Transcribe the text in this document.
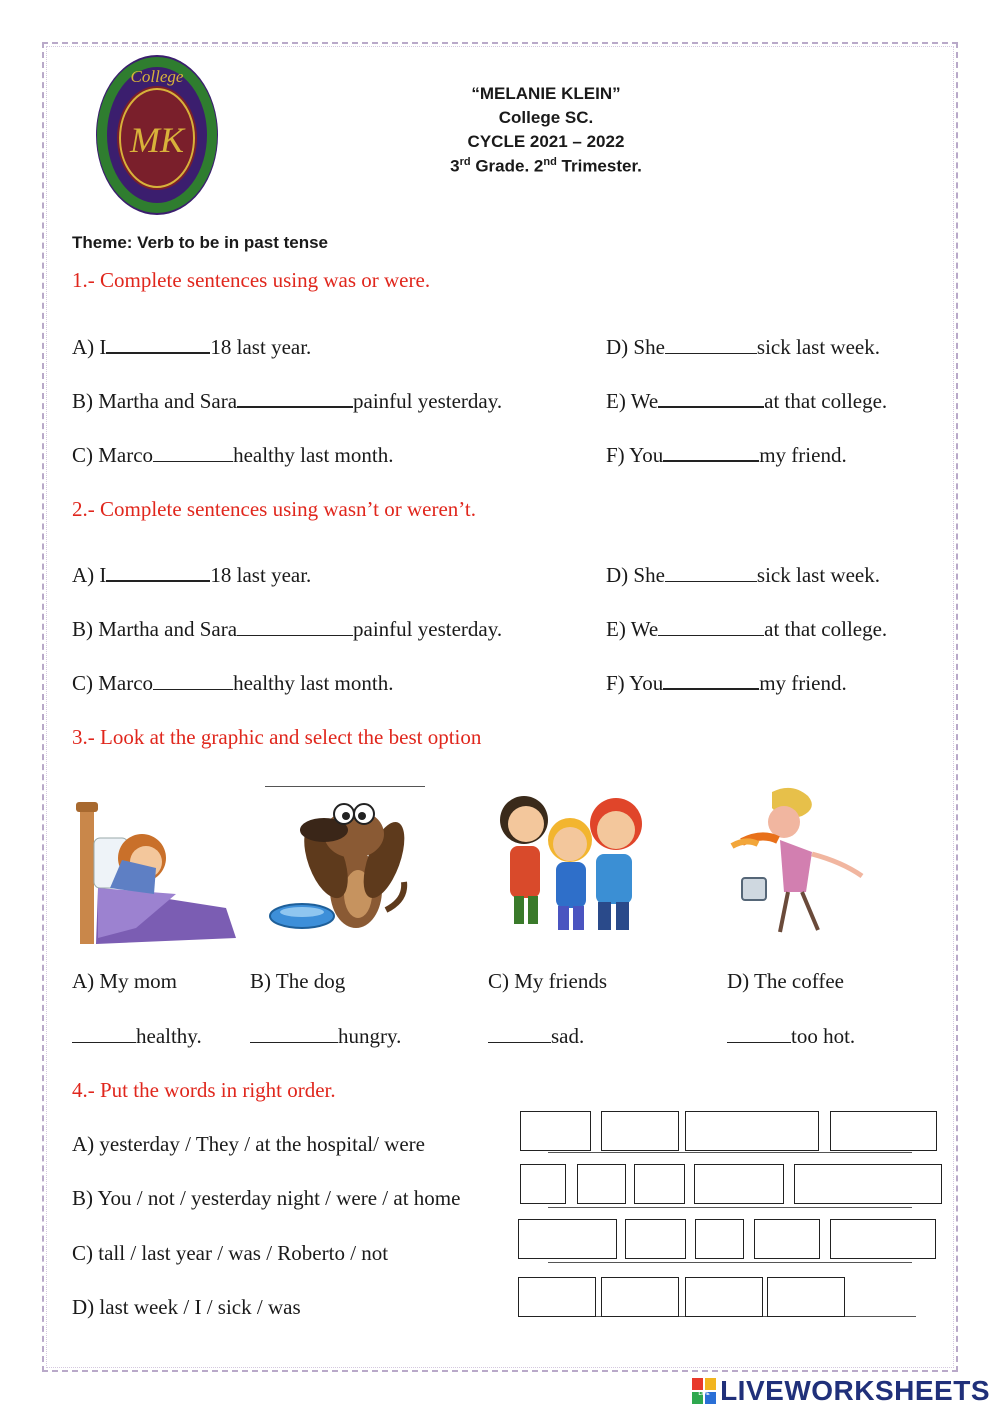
College
MK
“MELANIE KLEIN”
College SC.
CYCLE 2021 – 2022
3rd Grade. 2nd Trimester.
Theme: Verb to be in past tense
1.- Complete sentences using was or were.
A) I	18 last year.
B) Martha and Sara	painful yesterday.
C) Marco	healthy last month.
D) She	sick last week.
E) We	at that college.
F) You	my friend.
2.- Complete sentences using wasn’t or weren’t.
A) I	18 last year.
B) Martha and Sara	painful yesterday.
C) Marco	healthy last month.
D) She	sick last week.
E) We	at that college.
F) You	my friend.
3.- Look at the graphic and select the best option
A) My mom	B) The dog	C) My friends	D) The coffee
healthy.	hungry.	sad.	too hot.
4.- Put the words in right order.
A) yesterday / They / at the hospital/ were
B) You / not / yesterday night / were / at home
C) tall / last year / was / Roberto / not
D) last week / I / sick / was
LIVE LIVEWORKSHEETS
